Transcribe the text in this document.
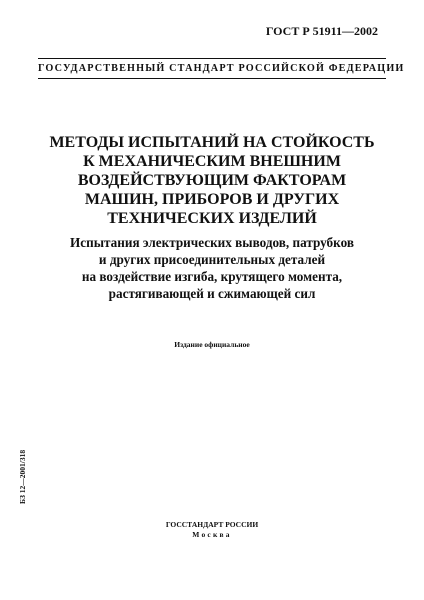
ГОСТ Р 51911—2002
ГОСУДАРСТВЕННЫЙ СТАНДАРТ РОССИЙСКОЙ ФЕДЕРАЦИИ
МЕТОДЫ ИСПЫТАНИЙ НА СТОЙКОСТЬ
К МЕХАНИЧЕСКИМ ВНЕШНИМ
ВОЗДЕЙСТВУЮЩИМ ФАКТОРАМ
МАШИН, ПРИБОРОВ И ДРУГИХ
ТЕХНИЧЕСКИХ ИЗДЕЛИЙ
Испытания электрических выводов, патрубков
и других присоединительных деталей
на воздействие изгиба, крутящего момента,
растягивающей и сжимающей сил
Издание официальное
БЗ 12—2001/318
ГОССТАНДАРТ РОССИИ
Москва
